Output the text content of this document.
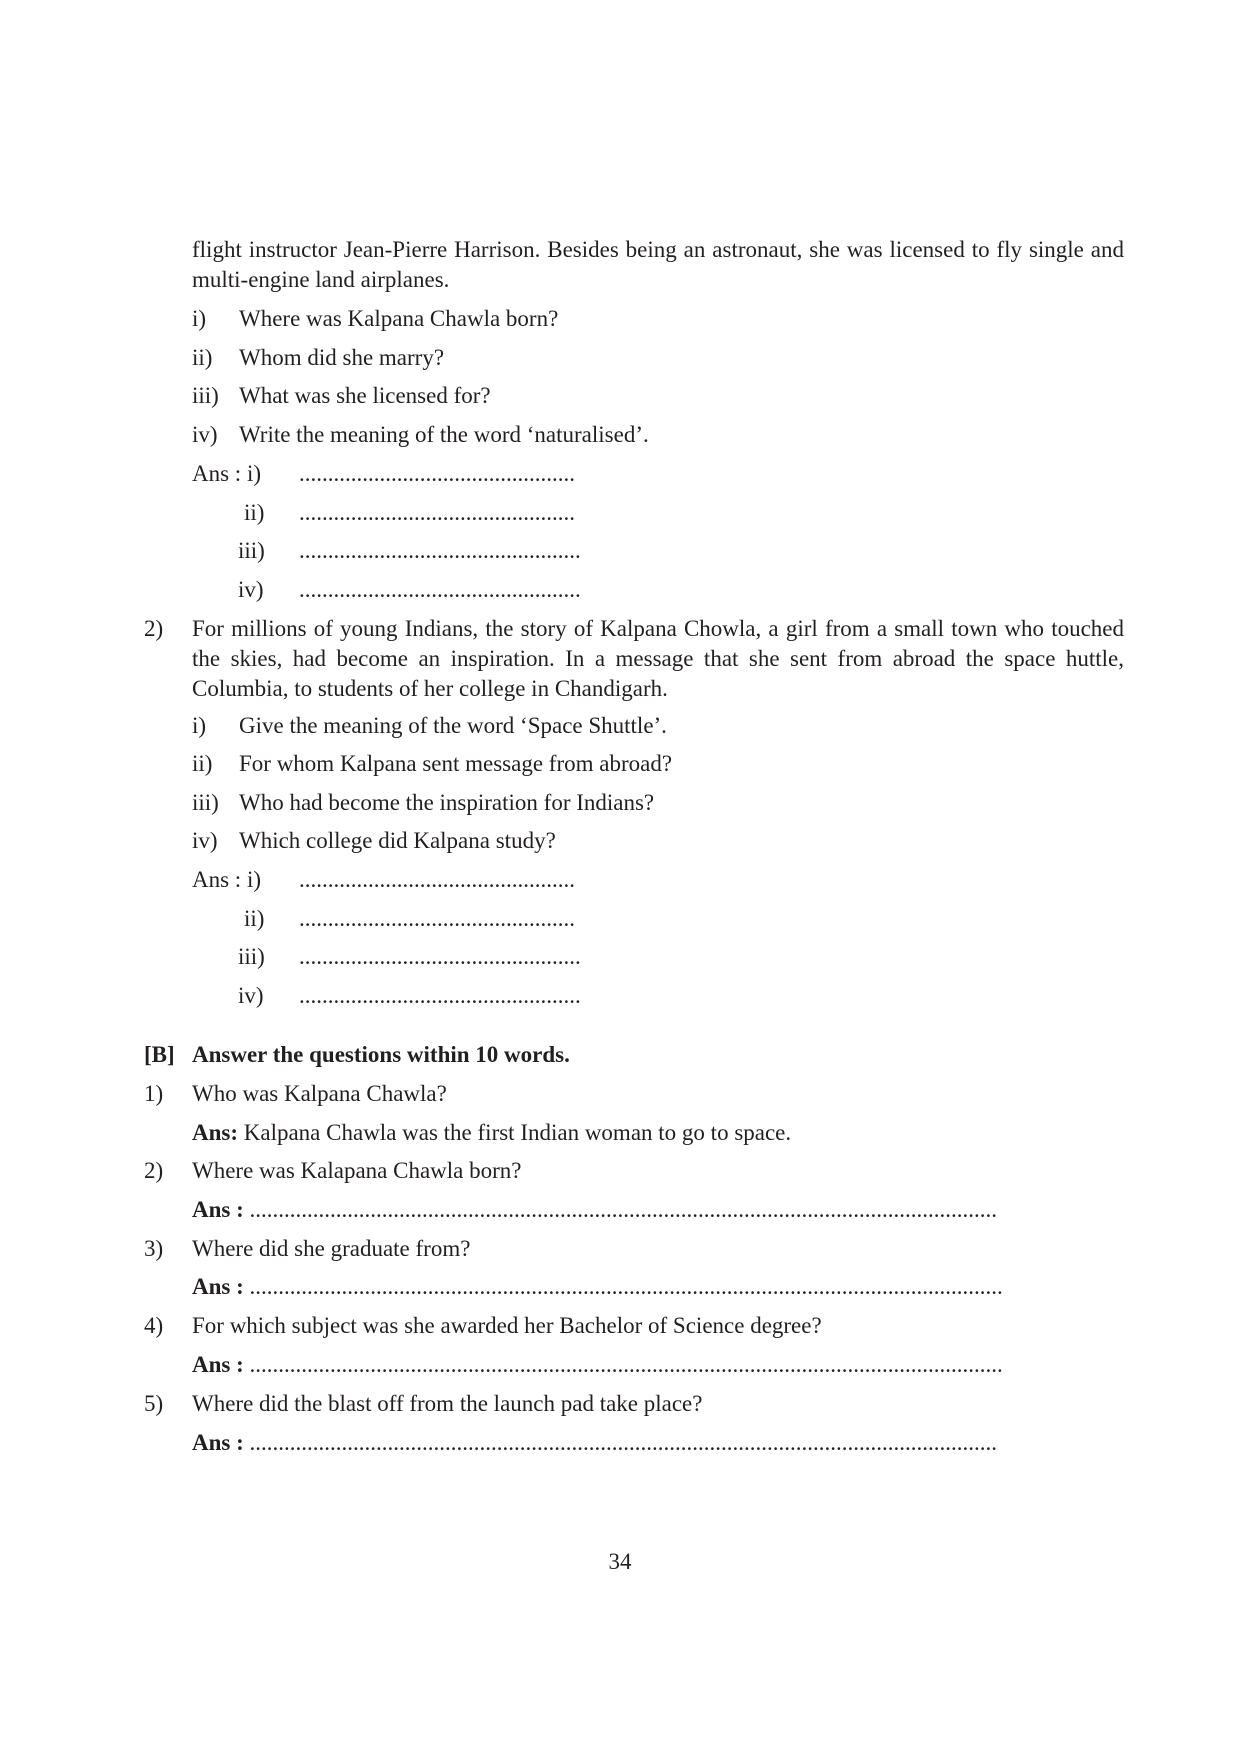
flight instructor Jean-Pierre Harrison. Besides being an astronaut, she was licensed to fly single and multi-engine land airplanes.
i) Where was Kalpana Chawla born?
ii) Whom did she marry?
iii) What was she licensed for?
iv) Write the meaning of the word ‘naturalised’.
Ans : i) ................................................
ii) ................................................
iii) .................................................
iv) .................................................
2) For millions of young Indians, the story of Kalpana Chowla, a girl from a small town who touched the skies, had become an inspiration. In a message that she sent from abroad the space huttle, Columbia, to students of her college in Chandigarh.
i) Give the meaning of the word ‘Space Shuttle’.
ii) For whom Kalpana sent message from abroad?
iii) Who had become the inspiration for Indians?
iv) Which college did Kalpana study?
Ans : i) ................................................
ii) ................................................
iii) .................................................
iv) .................................................
[B] Answer the questions within 10 words.
1) Who was Kalpana Chawla?
Ans: Kalpana Chawla was the first Indian woman to go to space.
2) Where was Kalapana Chawla born?
Ans : ..................................................................................................................................
3) Where did she graduate from?
Ans : ...................................................................................................................................
4) For which subject was she awarded her Bachelor of Science degree?
Ans : ...................................................................................................................................
5) Where did the blast off from the launch pad take place?
Ans : ..................................................................................................................................
34
